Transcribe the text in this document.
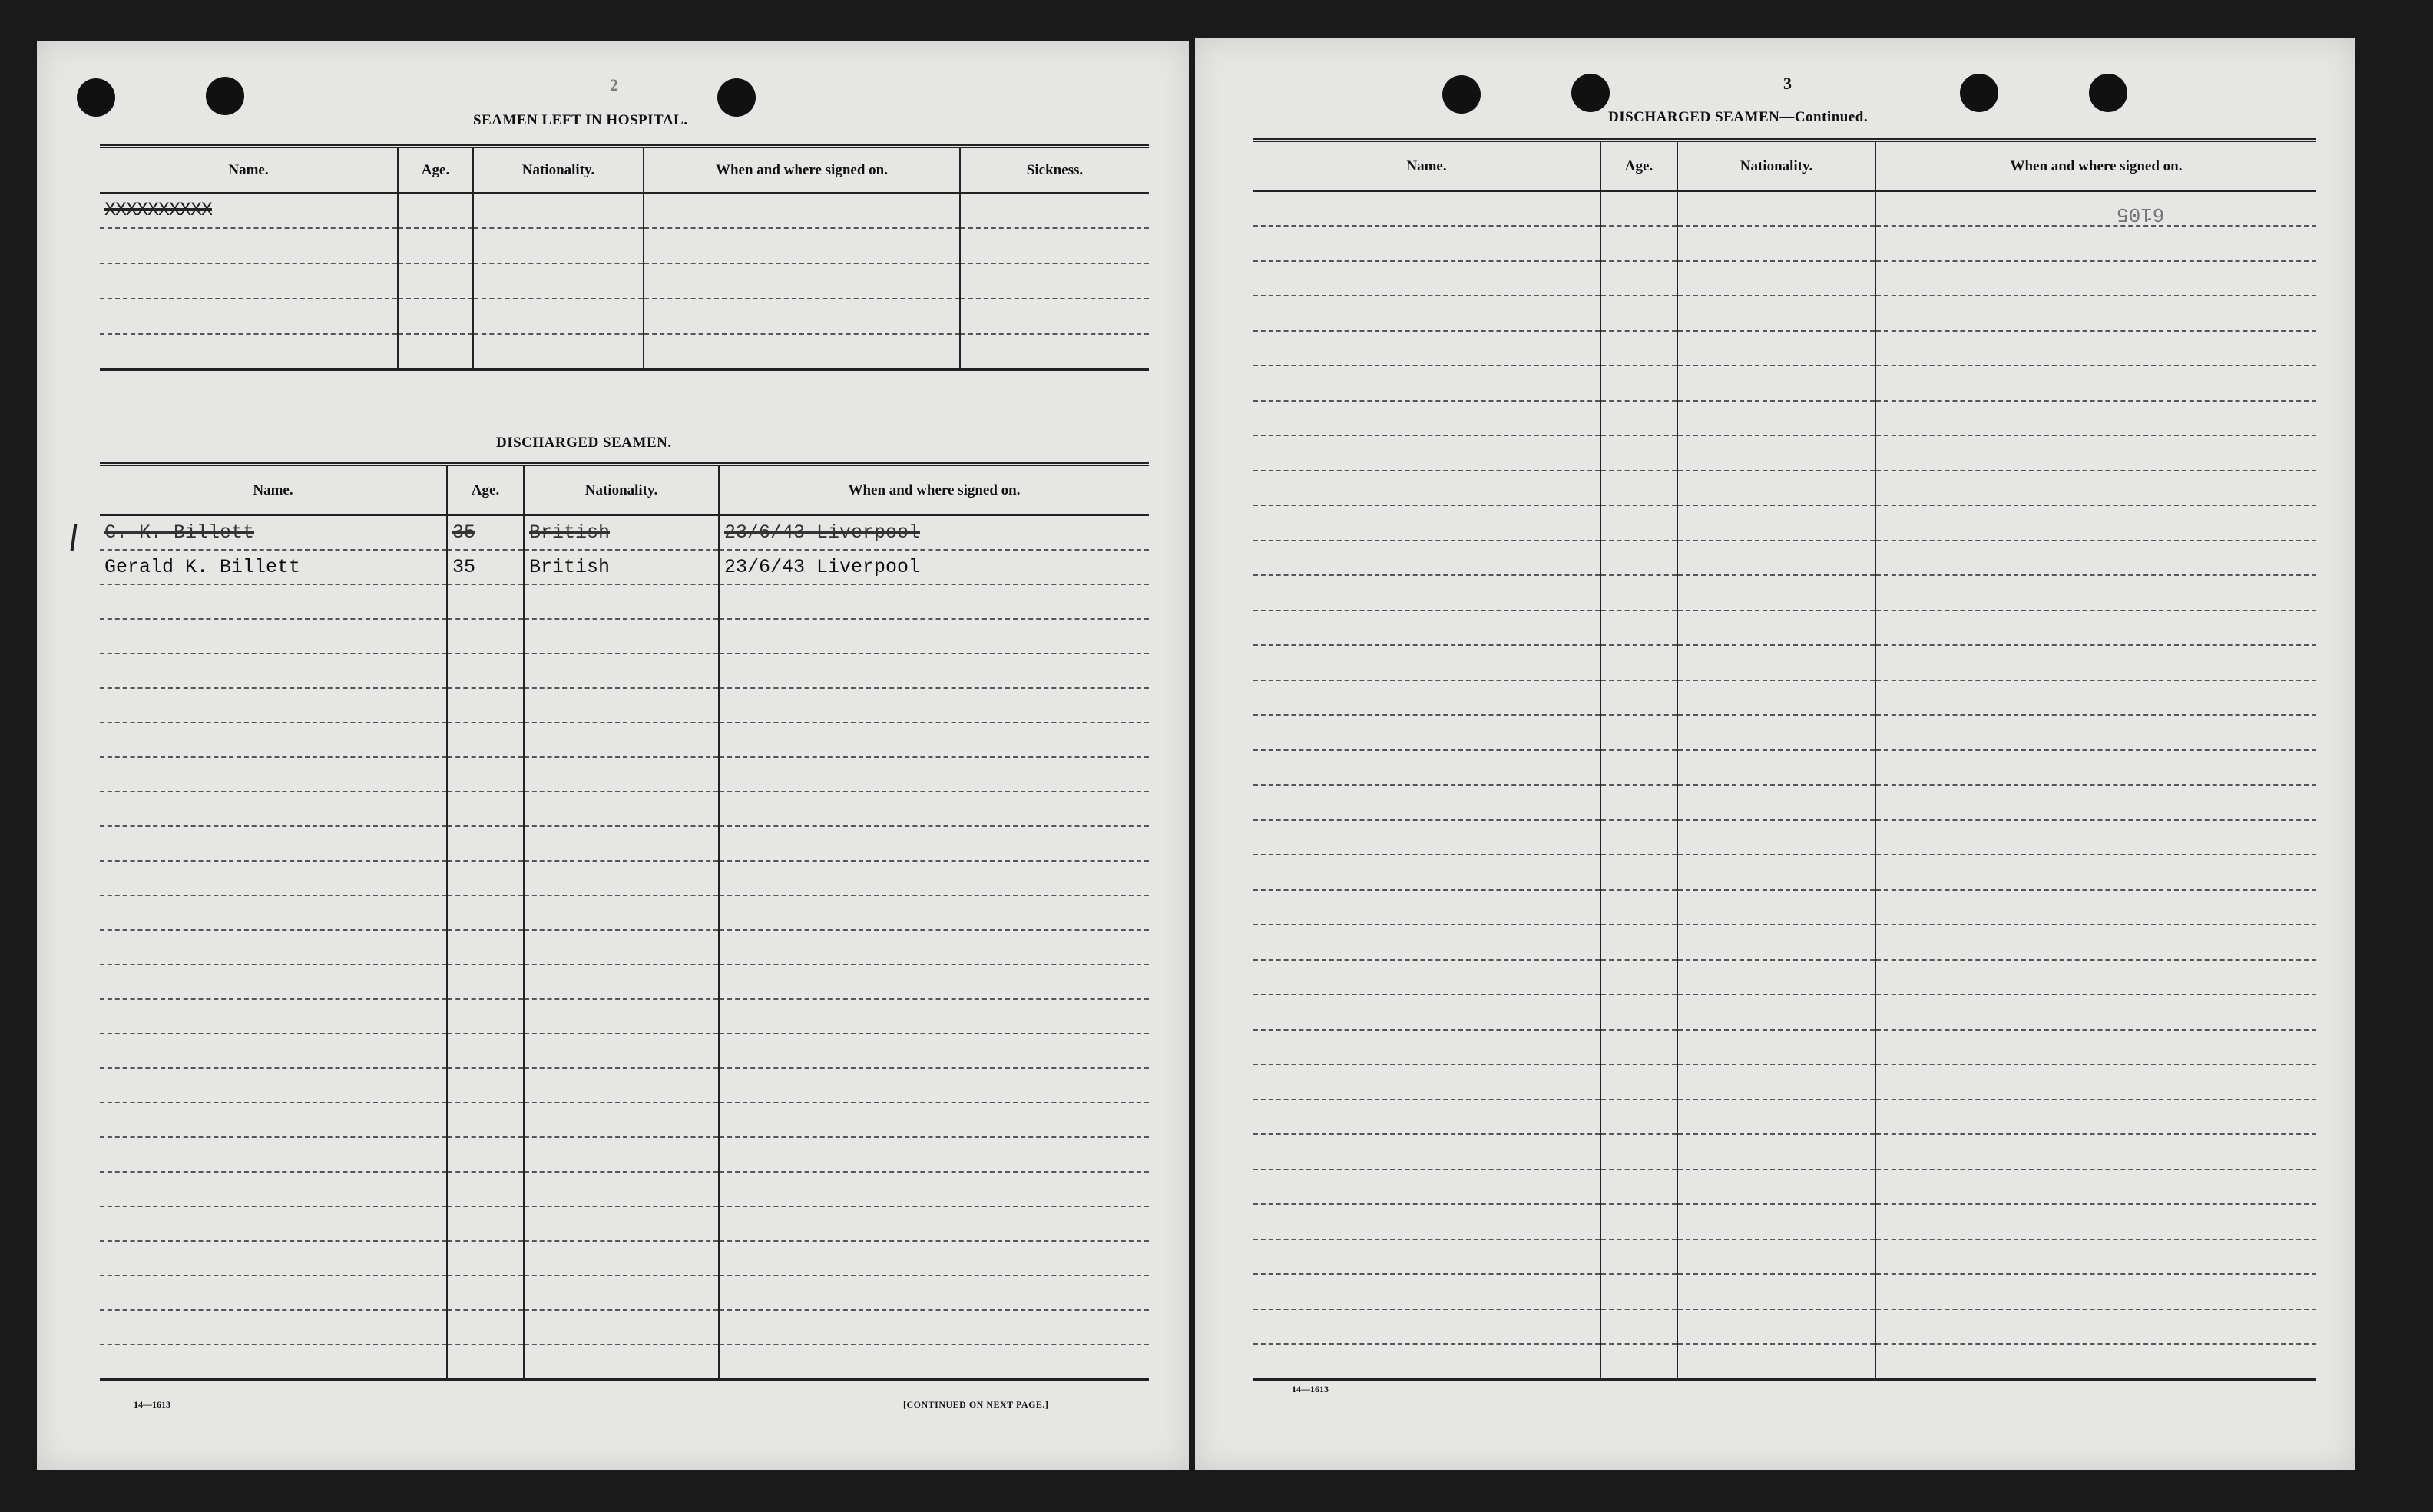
2
SEAMEN LEFT IN HOSPITAL.
Name.	Age.	Nationality.	When and where signed on.	Sickness.
XXXXXXXXXX				

DISCHARGED SEAMEN.
Name.	Age.	Nationality.	When and where signed on.
G. K. Billett	35	British	23/6/43 Liverpool
Gerald K. Billett	35	British	23/6/43 Liverpool

14—1613	[CONTINUED ON NEXT PAGE.]
3
DISCHARGED SEAMEN—Continued.
Name.	Age.	Nationality.	When and where signed on.

6105
14—1613
